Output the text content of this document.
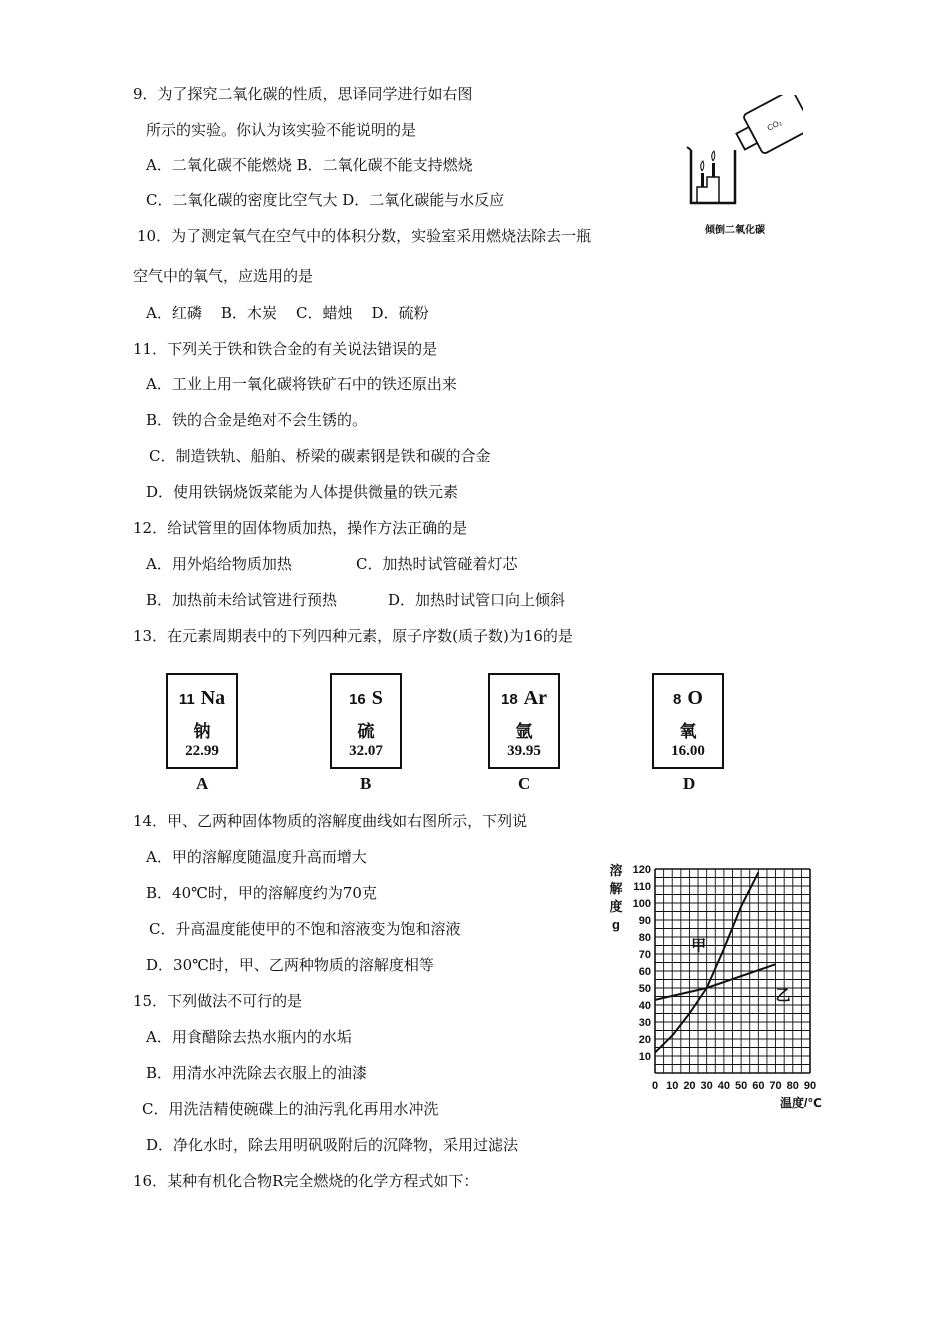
9．为了探究二氧化碳的性质，思译同学进行如右图
所示的实验。你认为该实验不能说明的是
A．二氧化碳不能燃烧 B．二氧化碳不能支持燃烧
C．二氧化碳的密度比空气大 D．二氧化碳能与水反应
CO₂
倾倒二氧化碳
10．为了测定氧气在空气中的体积分数，实验室采用燃烧法除去一瓶
空气中的氧气，应选用的是
A．红磷    B．木炭    C．蜡烛    D．硫粉
11．下列关于铁和铁合金的有关说法错误的是
A．工业上用一氧化碳将铁矿石中的铁还原出来
B．铁的合金是绝对不会生锈的。
C．制造铁轨、船舶、桥梁的碳素钢是铁和碳的合金
D．使用铁锅烧饭菜能为人体提供微量的铁元素
12．给试管里的固体物质加热，操作方法正确的是
A．用外焰给物质加热	C．加热时试管碰着灯芯
B．加热前未给试管进行预热	D．加热时试管口向上倾斜
13．在元素周期表中的下列四种元素，原子序数(质子数)为16的是
11 Na
钠
22.99
A
16 S
硫
32.07
B
18 Ar
氩
39.95
C
8 O
氧
16.00
D
14．甲、乙两种固体物质的溶解度曲线如右图所示，下列说
A．甲的溶解度随温度升高而增大
B．40℃时，甲的溶解度约为70克
C．升高温度能使甲的不饱和溶液变为饱和溶液
D．30℃时，甲、乙两种物质的溶解度相等
溶
解
度
g
10
20
30
40
50
60
70
80
90
100
110
120
0 10 20 30 40 50 60 70 80 90
甲
乙
温度/℃
15．下列做法不可行的是
A．用食醋除去热水瓶内的水垢
B．用清水冲洗除去衣服上的油漆
C．用洗洁精使碗碟上的油污乳化再用水冲洗
D．净化水时，除去用明矾吸附后的沉降物，采用过滤法
16．某种有机化合物R完全燃烧的化学方程式如下：
